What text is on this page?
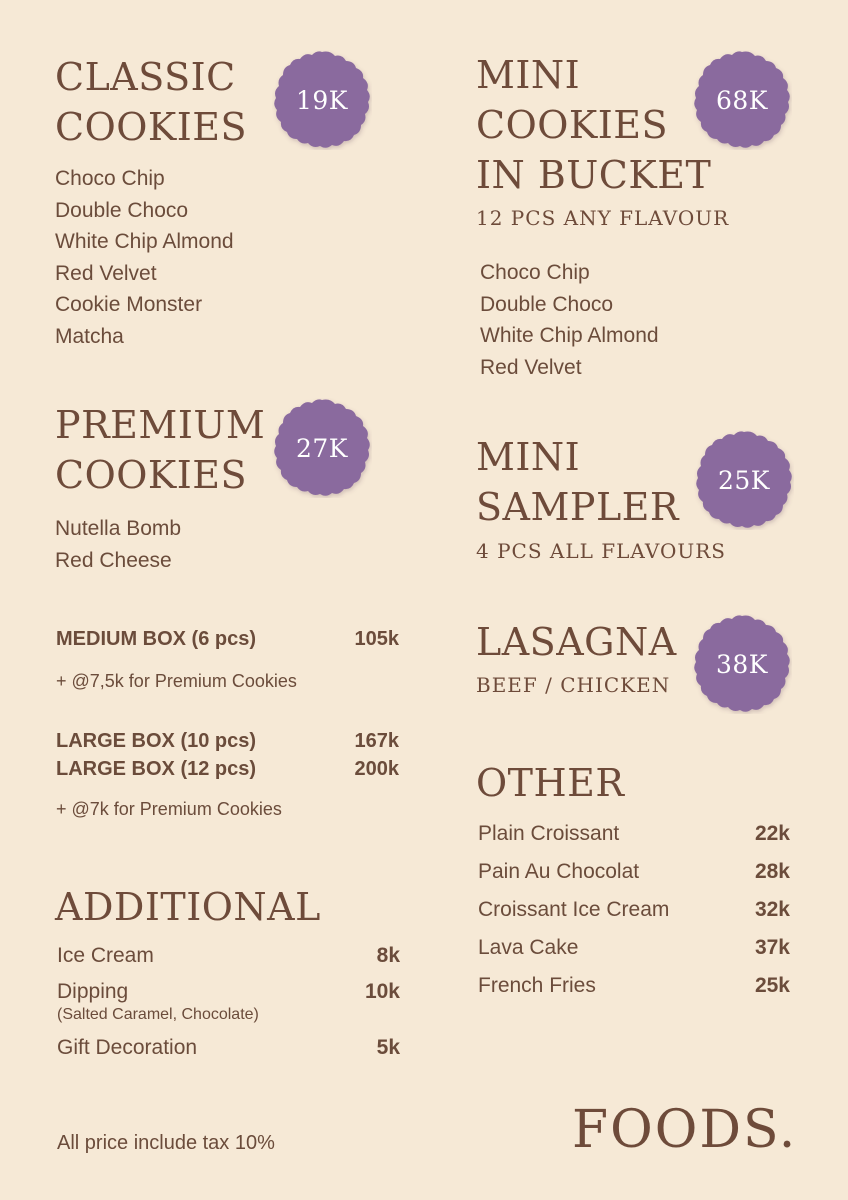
CLASSIC
COOKIES
19K
Choco Chip
Double Choco
White Chip Almond
Red Velvet
Cookie Monster
Matcha
PREMIUM
COOKIES
27K
Nutella Bomb
Red Cheese
MEDIUM BOX (6 pcs)	105k
+ @7,5k for Premium Cookies
LARGE BOX (10 pcs)	167k
LARGE BOX (12 pcs)	200k
+ @7k for Premium Cookies
ADDITIONAL
Ice Cream	8k
Dipping	10k
(Salted Caramel, Chocolate)
Gift Decoration	5k
All price include tax 10%
MINI
COOKIES
IN BUCKET
12 PCS ANY FLAVOUR
68K
Choco Chip
Double Choco
White Chip Almond
Red Velvet
MINI
SAMPLER
4 PCS ALL FLAVOURS
25K
LASAGNA
BEEF / CHICKEN
38K
OTHER
Plain Croissant	22k
Pain Au Chocolat	28k
Croissant Ice Cream	32k
Lava Cake	37k
French Fries	25k
FOODS.
